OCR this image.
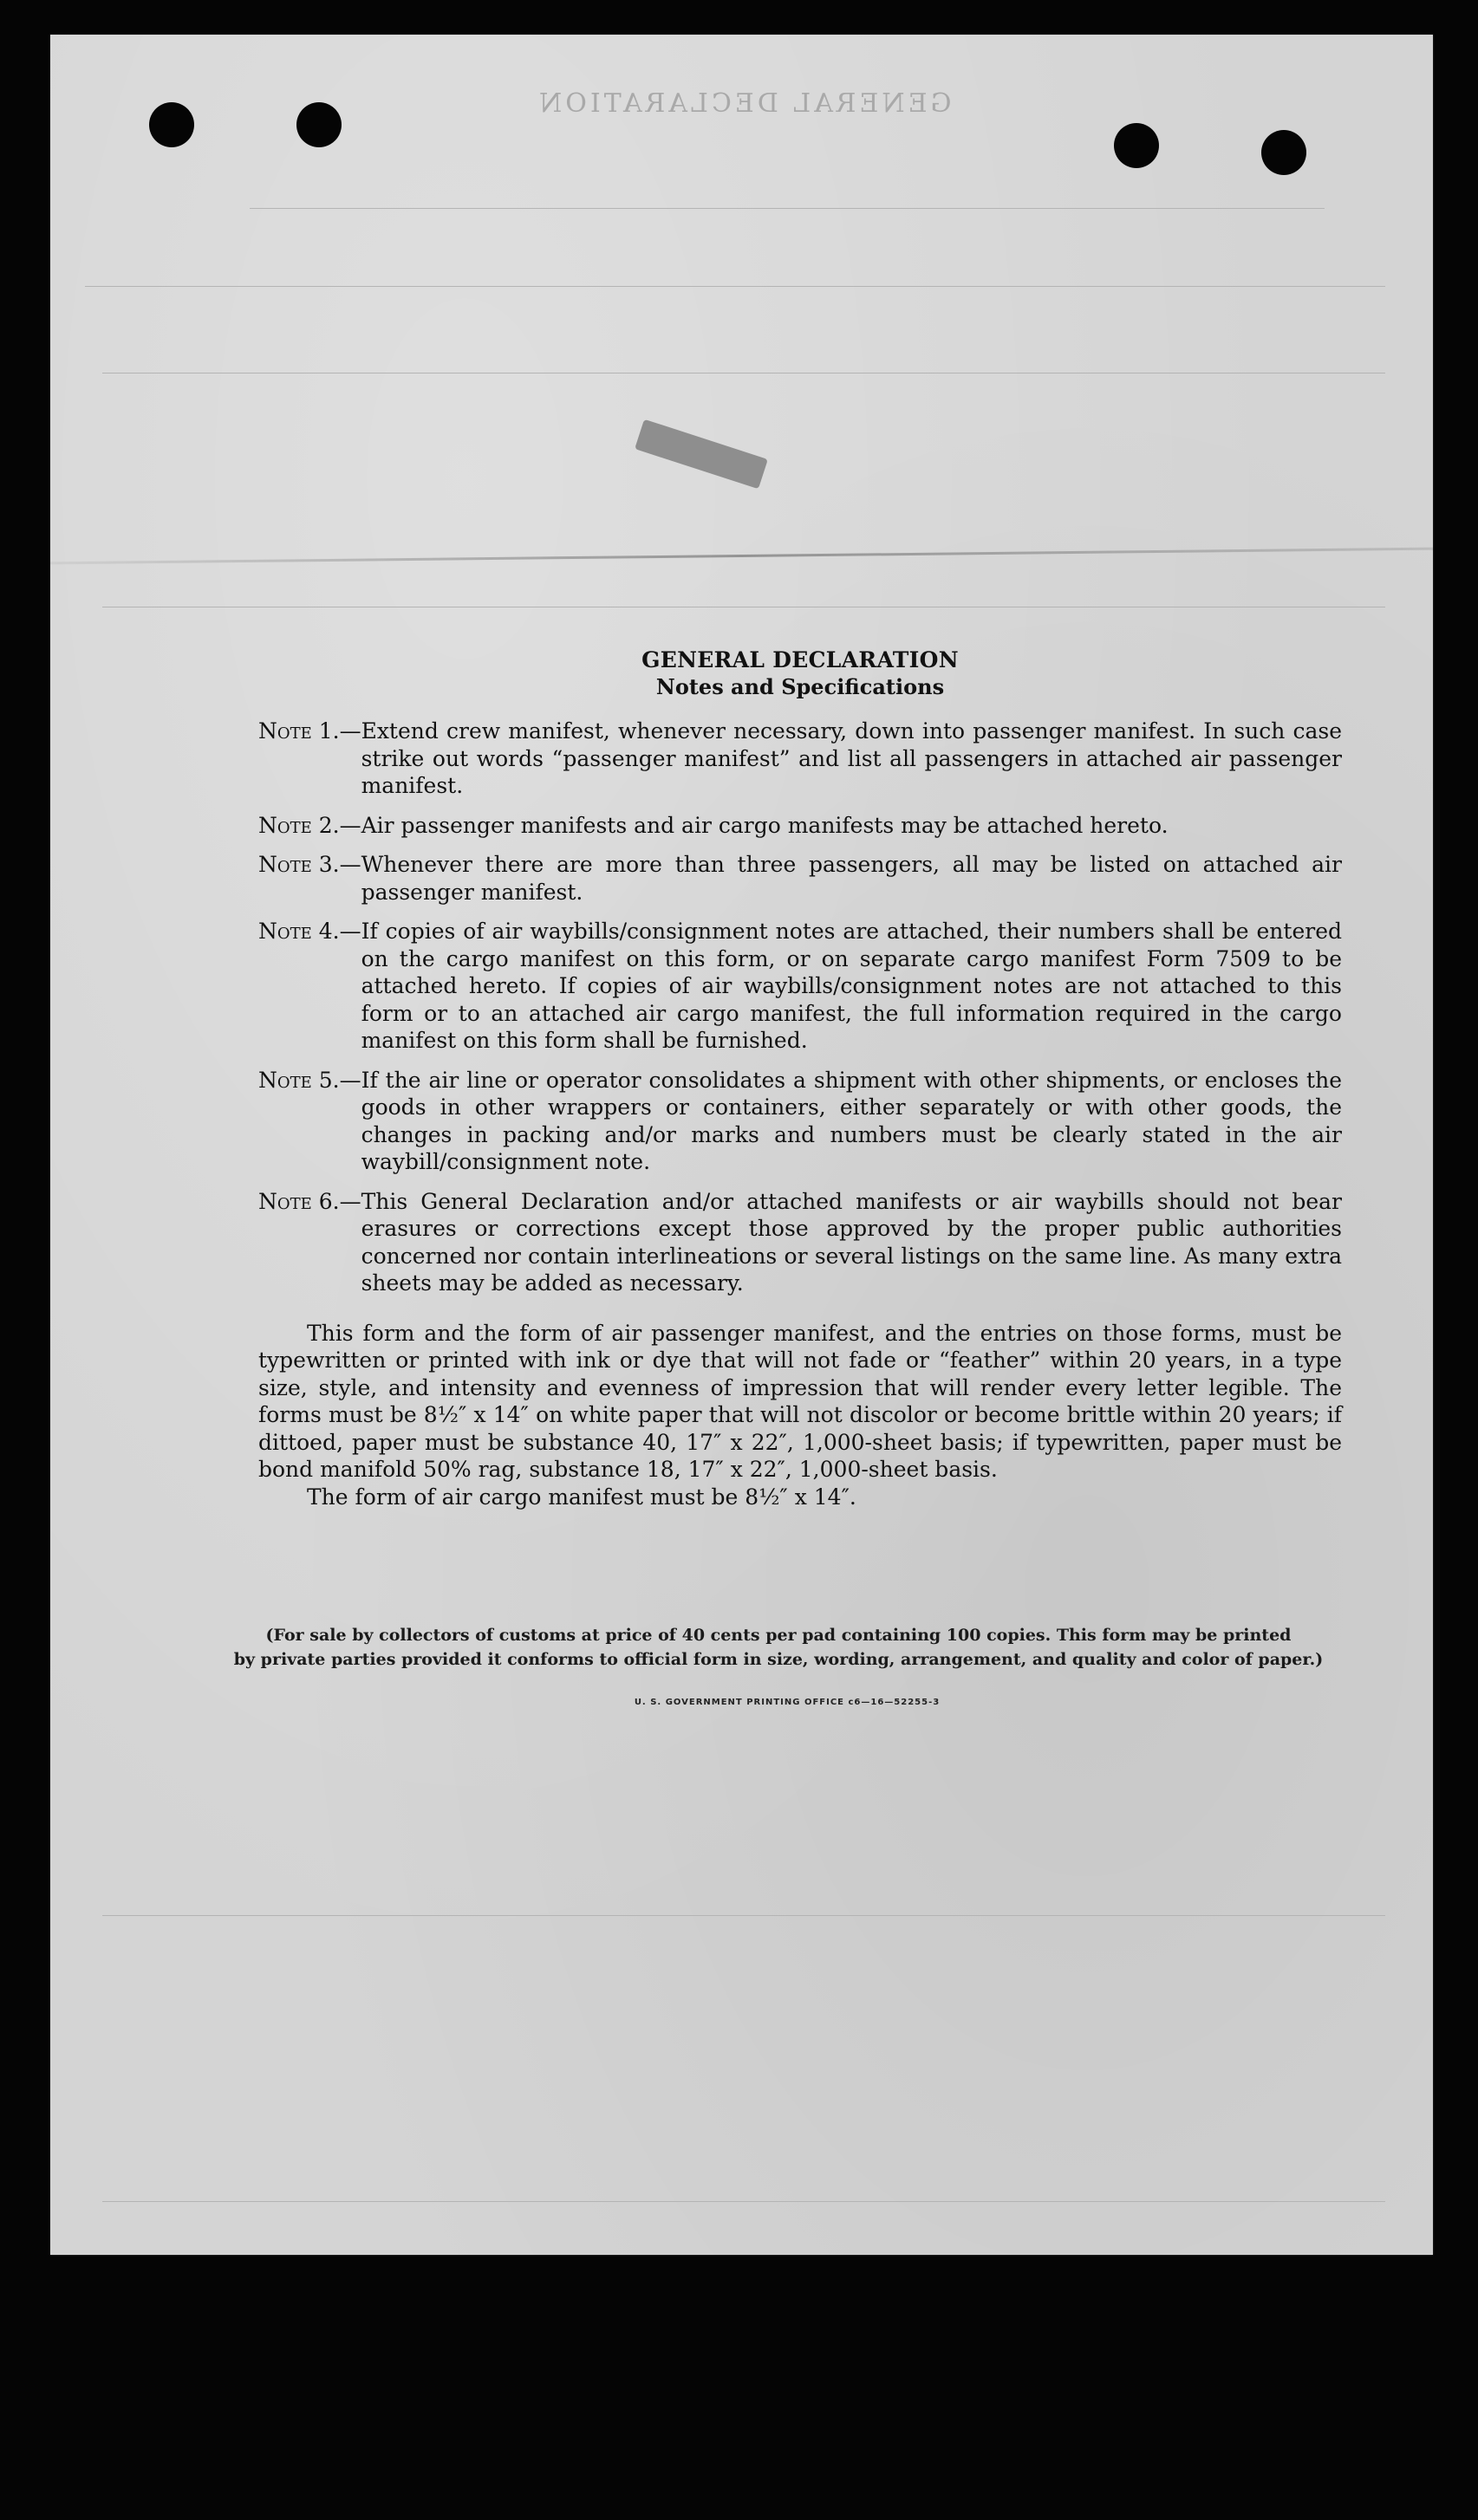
GENERAL DECLARATION
GENERAL DECLARATION
Notes and Specifications
Note 1. — Extend crew manifest, whenever necessary, down into passenger manifest. In such case strike out words “passenger manifest” and list all passengers in attached air passenger manifest.
Note 2. — Air passenger manifests and air cargo manifests may be attached hereto.
Note 3. — Whenever there are more than three passengers, all may be listed on attached air passenger manifest.
Note 4. — If copies of air waybills/consignment notes are attached, their numbers shall be entered on the cargo manifest on this form, or on separate cargo manifest Form 7509 to be attached hereto. If copies of air waybills/consignment notes are not attached to this form or to an attached air cargo manifest, the full information required in the cargo manifest on this form shall be furnished.
Note 5. — If the air line or operator consolidates a shipment with other shipments, or encloses the goods in other wrappers or containers, either separately or with other goods, the changes in packing and/or marks and numbers must be clearly stated in the air waybill/consignment note.
Note 6. — This General Declaration and/or attached manifests or air waybills should not bear erasures or corrections except those approved by the proper public authorities concerned nor contain interlineations or several listings on the same line. As many extra sheets may be added as necessary.

This form and the form of air passenger manifest, and the entries on those forms, must be typewritten or printed with ink or dye that will not fade or “feather” within 20 years, in a type size, style, and intensity and evenness of impression that will render every letter legible. The forms must be 8½″ x 14″ on white paper that will not discolor or become brittle within 20 years; if dittoed, paper must be substance 40, 17″ x 22″, 1,000-sheet basis; if typewritten, paper must be bond manifold 50% rag, substance 18, 17″ x 22″, 1,000-sheet basis.

The form of air cargo manifest must be 8½″ x 14″.

(For sale by collectors of customs at price of 40 cents per pad containing 100 copies. This form may be printed
by private parties provided it conforms to official form in size, wording, arrangement, and quality and color of paper.)
U. S. GOVERNMENT PRINTING OFFICE c6—16—52255-3
